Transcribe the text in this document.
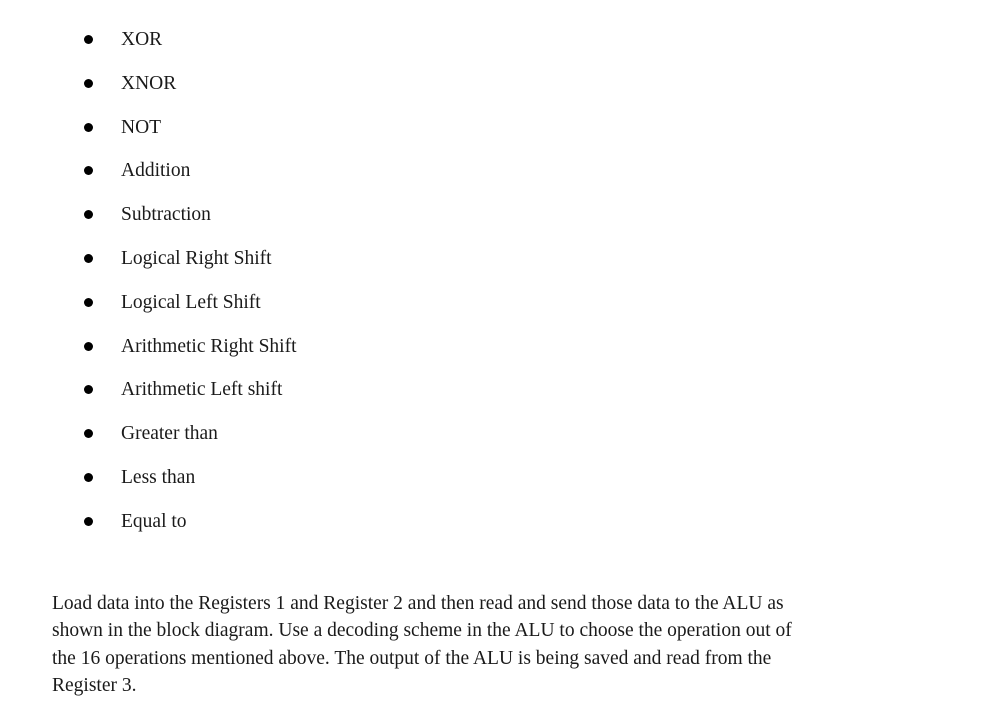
XOR
XNOR
NOT
Addition
Subtraction
Logical Right Shift
Logical Left Shift
Arithmetic Right Shift
Arithmetic Left shift
Greater than
Less than
Equal to

Load data into the Registers 1 and Register 2 and then read and send those data to the ALU as
shown in the block diagram. Use a decoding scheme in the ALU to choose the operation out of
the 16 operations mentioned above. The output of the ALU is being saved and read from the
Register 3.
